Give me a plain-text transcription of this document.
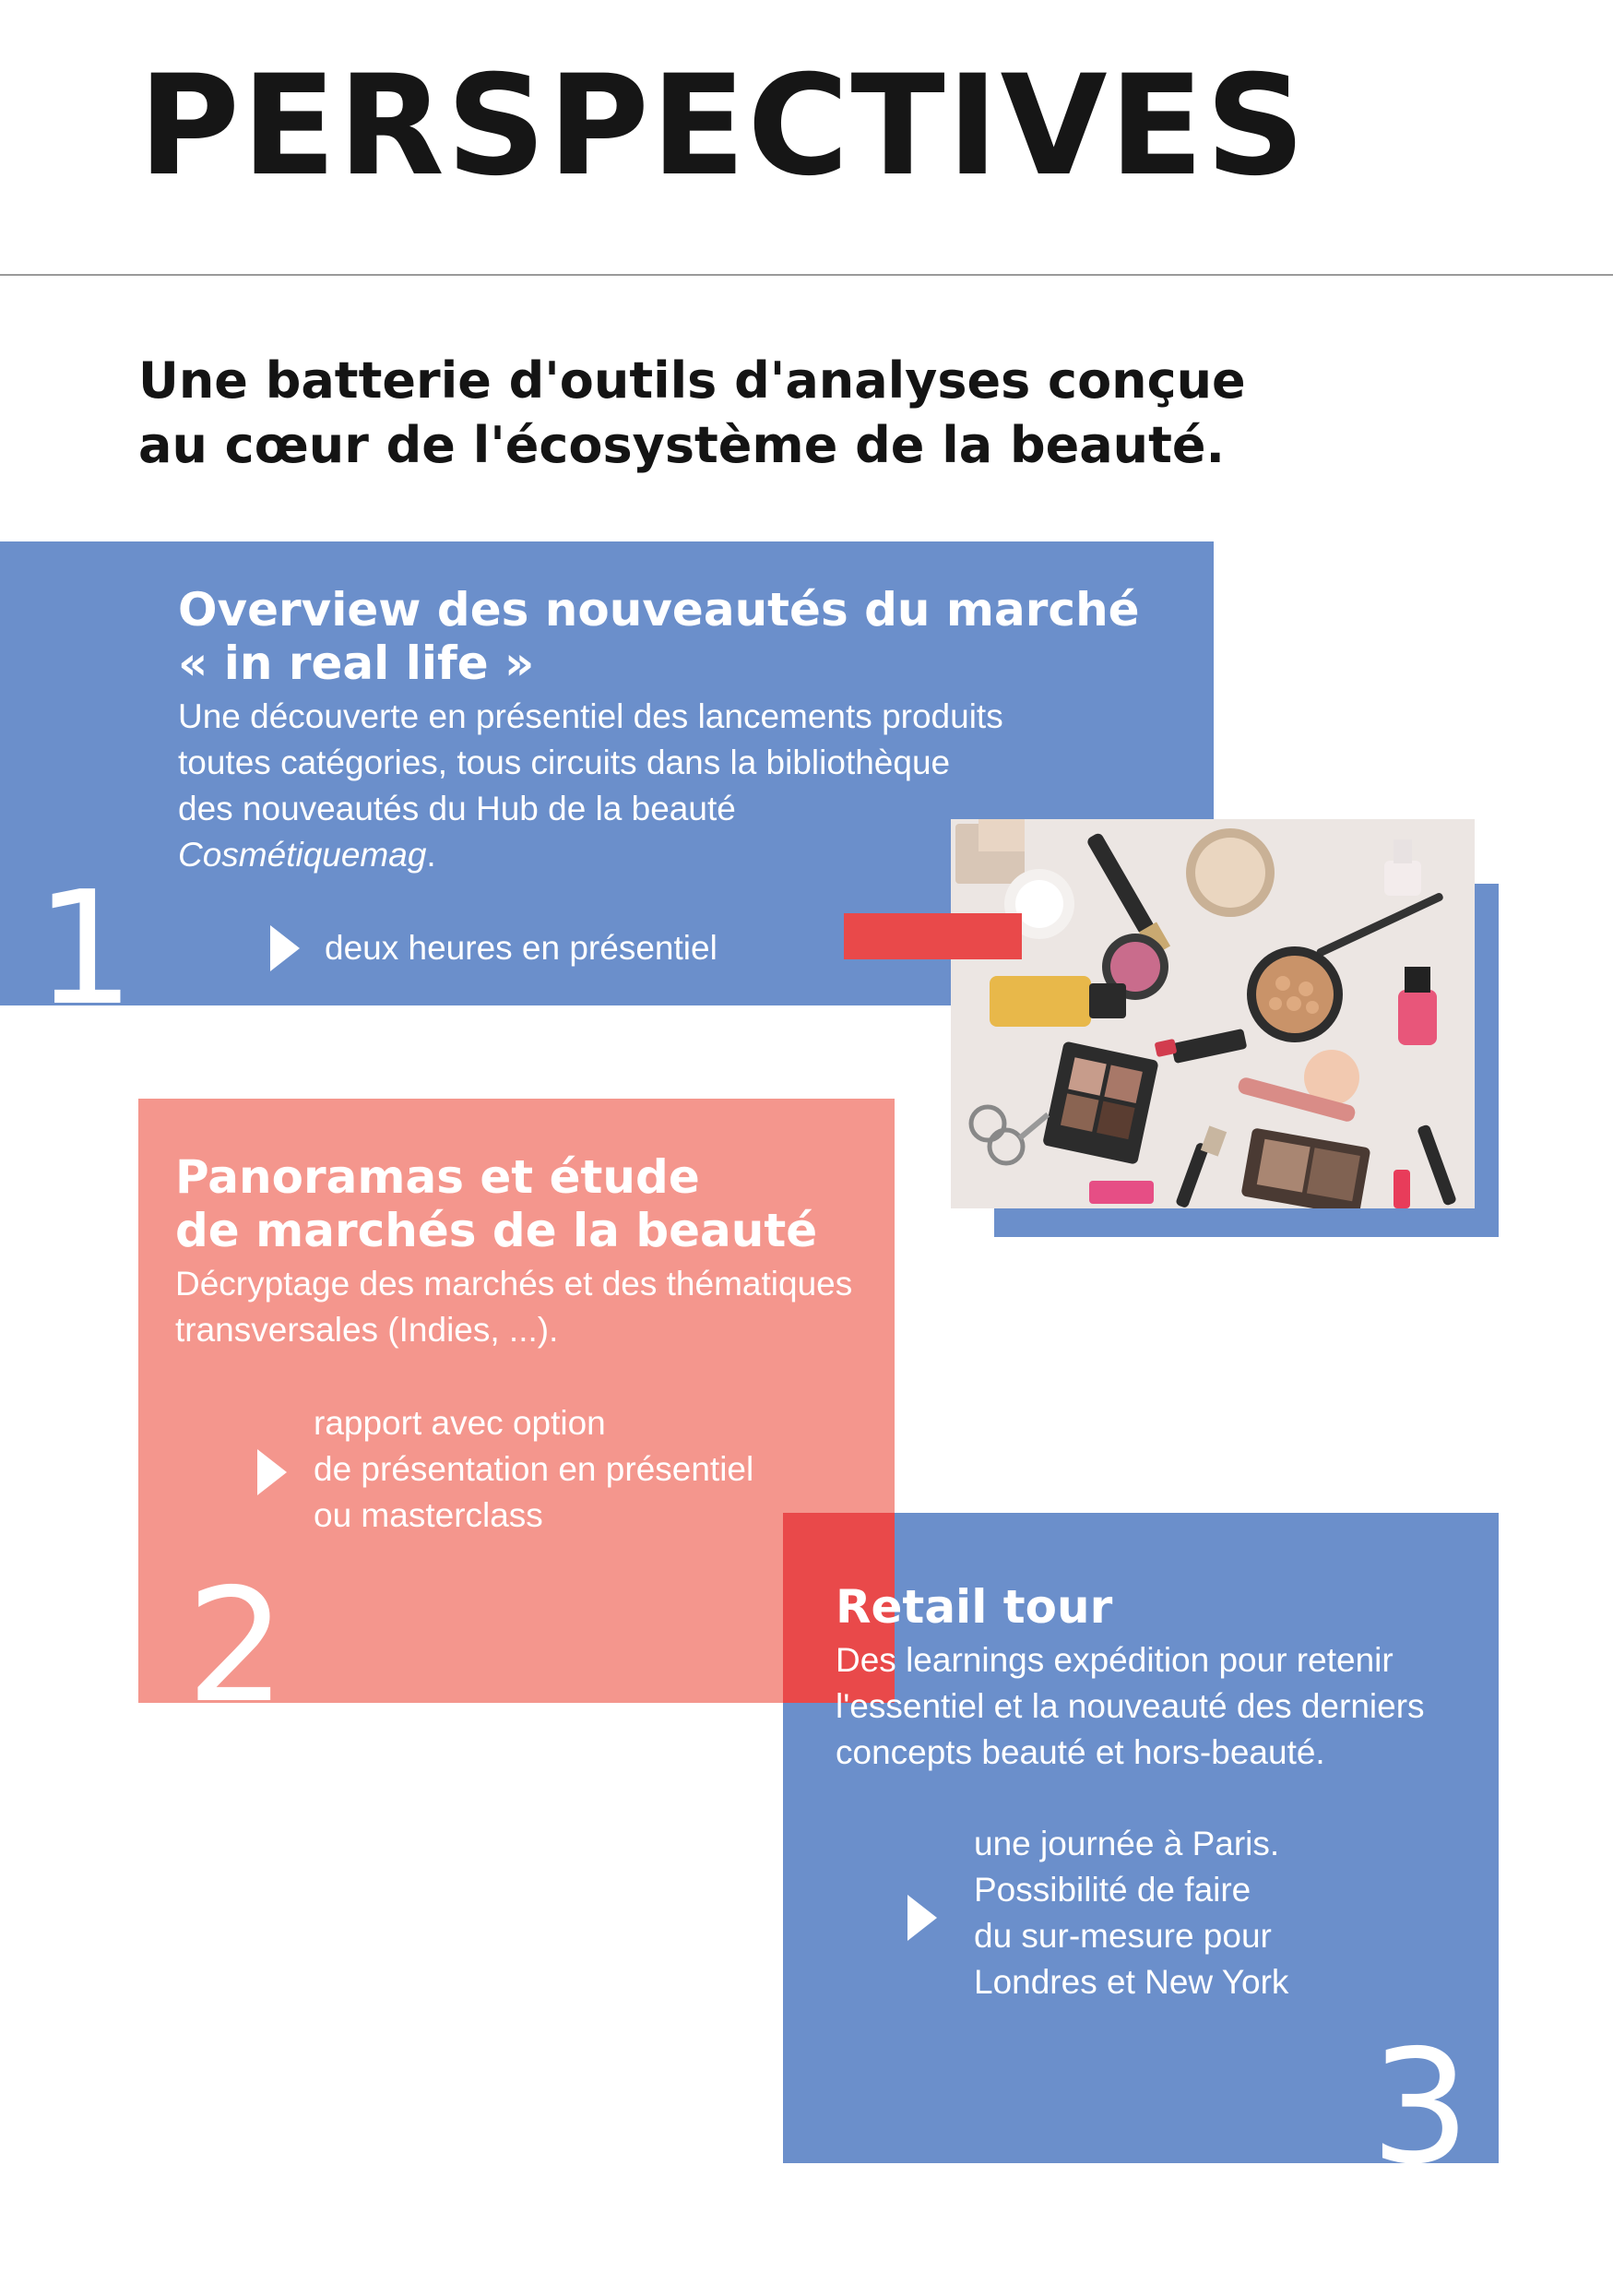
PERSPECTIVES
Une batterie d'outils d'analyses conçue
au cœur de l'écosystème de la beauté.
Overview des nouveautés du marché
« in real life »

Une découverte en présentiel des lancements produits
toutes catégories, tous circuits dans la bibliothèque
des nouveautés du Hub de la beauté
Cosmétiquemag.

deux heures en présentiel
1
Panoramas et étude
de marchés de la beauté

Décryptage des marchés et des thématiques
transversales (Indies, ...).

rapport avec option
de présentation en présentiel
ou masterclass
2	Retail tour

Des learnings expédition pour retenir
l'essentiel et la nouveauté des derniers
concepts beauté et hors-beauté.

une journée à Paris.
Possibilité de faire
du sur-mesure pour
Londres et New York
3
